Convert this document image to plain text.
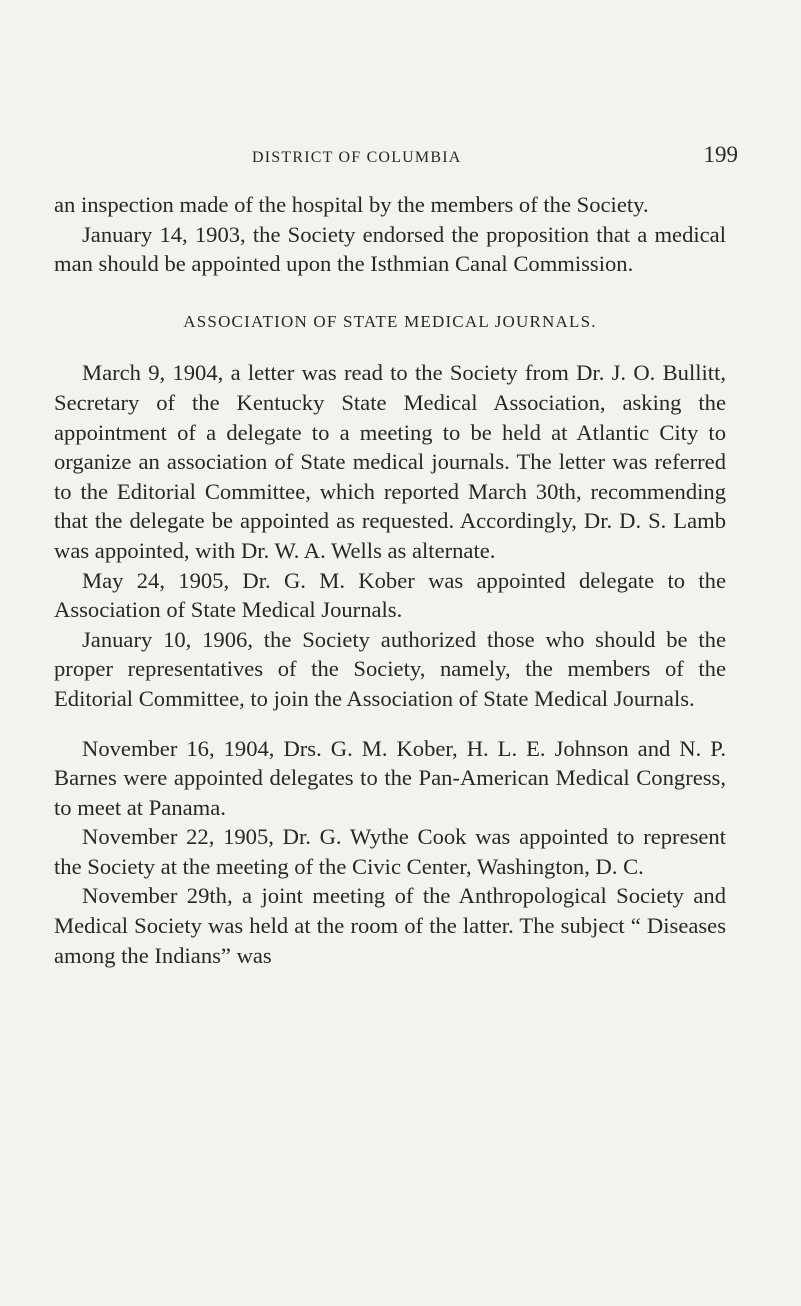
DISTRICT OF COLUMBIA	199

an inspection made of the hospital by the members of the Society.

January 14, 1903, the Society endorsed the proposition that a medical man should be appointed upon the Isthmian Canal Commission.

ASSOCIATION OF STATE MEDICAL JOURNALS.

March 9, 1904, a letter was read to the Society from Dr. J. O. Bullitt, Secretary of the Kentucky State Medical Association, asking the appointment of a delegate to a meeting to be held at Atlantic City to organize an association of State medical journals. The letter was referred to the Editorial Committee, which reported March 30th, recommending that the delegate be appointed as requested. Accordingly, Dr. D. S. Lamb was appointed, with Dr. W. A. Wells as alternate.

May 24, 1905, Dr. G. M. Kober was appointed delegate to the Association of State Medical Journals.

January 10, 1906, the Society authorized those who should be the proper representatives of the Society, namely, the members of the Editorial Committee, to join the Association of State Medical Journals.

November 16, 1904, Drs. G. M. Kober, H. L. E. Johnson and N. P. Barnes were appointed delegates to the Pan-American Medical Congress, to meet at Panama.

November 22, 1905, Dr. G. Wythe Cook was appointed to represent the Society at the meeting of the Civic Center, Washington, D. C.

November 29th, a joint meeting of the Anthropological Society and Medical Society was held at the room of the latter. The subject “ Diseases among the Indians” was
